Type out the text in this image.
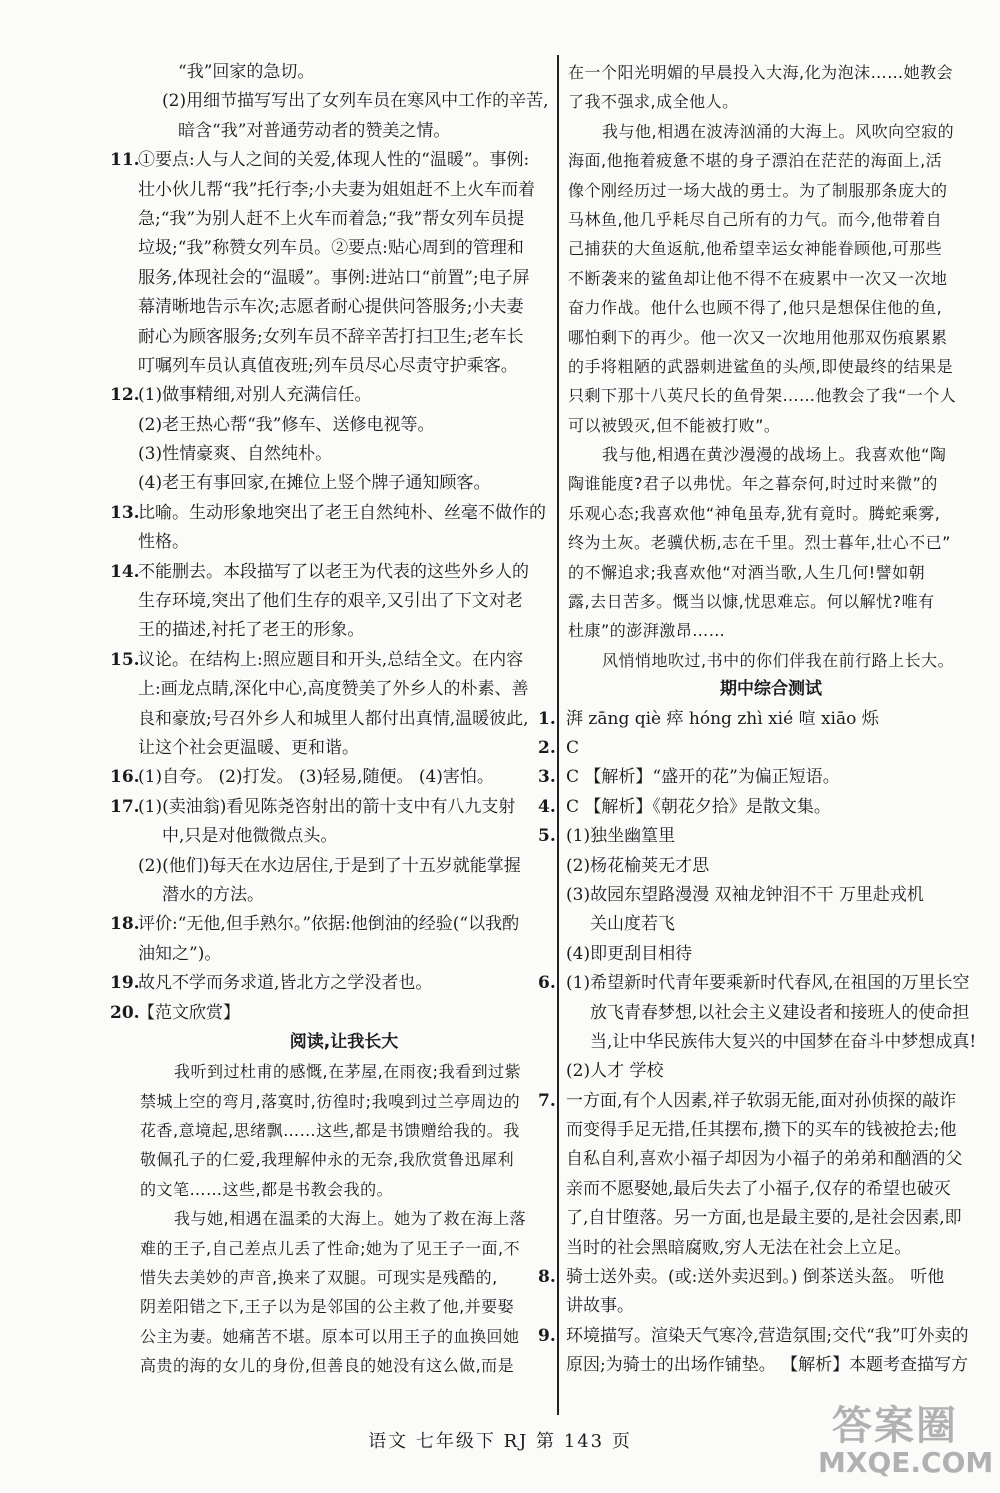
“我”回家的急切。
(2)用细节描写写出了女列车员在寒风中工作的辛苦,
暗含“我”对普通劳动者的赞美之情。
11.
①要点:人与人之间的关爱,体现人性的“温暖”。事例:
壮小伙儿帮“我”托行李;小夫妻为姐姐赶不上火车而着
急;“我”为别人赶不上火车而着急;“我”帮女列车员提
垃圾;“我”称赞女列车员。②要点:贴心周到的管理和
服务,体现社会的“温暖”。事例:进站口“前置”;电子屏
幕清晰地告示车次;志愿者耐心提供问答服务;小夫妻
耐心为顾客服务;女列车员不辞辛苦打扫卫生;老车长
叮嘱列车员认真值夜班;列车员尽心尽责守护乘客。
12.
(1)做事精细,对别人充满信任。
(2)老王热心帮“我”修车、送修电视等。
(3)性情豪爽、自然纯朴。
(4)老王有事回家,在摊位上竖个牌子通知顾客。
13.
比喻。生动形象地突出了老王自然纯朴、丝毫不做作的
性格。
14.
不能删去。本段描写了以老王为代表的这些外乡人的
生存环境,突出了他们生存的艰辛,又引出了下文对老
王的描述,衬托了老王的形象。
15.
议论。在结构上:照应题目和开头,总结全文。在内容
上:画龙点睛,深化中心,高度赞美了外乡人的朴素、善
良和豪放;号召外乡人和城里人都付出真情,温暖彼此,
让这个社会更温暖、更和谐。
16.
(1)自夸。 (2)打发。 (3)轻易,随便。 (4)害怕。
17.
(1)(卖油翁)看见陈尧咨射出的箭十支中有八九支射
中,只是对他微微点头。
(2)(他们)每天在水边居住,于是到了十五岁就能掌握
潜水的方法。
18.
评价:“无他,但手熟尔。”依据:他倒油的经验(“以我酌
油知之”)。
19.
故凡不学而务求道,皆北方之学没者也。
20.
【范文欣赏】
阅读,让我长大
我听到过杜甫的感慨,在茅屋,在雨夜;我看到过紫
禁城上空的弯月,落寞时,彷徨时;我嗅到过兰亭周边的
花香,意境起,思绪飘……这些,都是书馈赠给我的。我
敬佩孔子的仁爱,我理解仲永的无奈,我欣赏鲁迅犀利
的文笔……这些,都是书教会我的。
我与她,相遇在温柔的大海上。她为了救在海上落
难的王子,自己差点儿丢了性命;她为了见王子一面,不
惜失去美妙的声音,换来了双腿。可现实是残酷的,
阴差阳错之下,王子以为是邻国的公主救了他,并要娶
公主为妻。她痛苦不堪。原本可以用王子的血换回她
高贵的海的女儿的身份,但善良的她没有这么做,而是
在一个阳光明媚的早晨投入大海,化为泡沫……她教会
了我不强求,成全他人。
我与他,相遇在波涛汹涌的大海上。风吹向空寂的
海面,他拖着疲惫不堪的身子漂泊在茫茫的海面上,活
像个刚经历过一场大战的勇士。为了制服那条庞大的
马林鱼,他几乎耗尽自己所有的力气。而今,他带着自
己捕获的大鱼返航,他希望幸运女神能眷顾他,可那些
不断袭来的鲨鱼却让他不得不在疲累中一次又一次地
奋力作战。他什么也顾不得了,他只是想保住他的鱼,
哪怕剩下的再少。他一次又一次地用他那双伤痕累累
的手将粗陋的武器刺进鲨鱼的头颅,即使最终的结果是
只剩下那十八英尺长的鱼骨架……他教会了我“一个人
可以被毁灭,但不能被打败”。
我与他,相遇在黄沙漫漫的战场上。我喜欢他“陶
陶谁能度?君子以弗忧。年之暮奈何,时过时来微”的
乐观心态;我喜欢他“神龟虽寿,犹有竟时。腾蛇乘雾,
终为土灰。老骥伏枥,志在千里。烈士暮年,壮心不已”
的不懈追求;我喜欢他“对酒当歌,人生几何!譬如朝
露,去日苦多。慨当以慷,忧思难忘。何以解忧?唯有
杜康”的澎湃激昂……
风悄悄地吹过,书中的你们伴我在前行路上长大。
期中综合测试
1. 湃 zāng qiè 瘁 hóng zhì xié 喧 xiāo 烁
2. C
3. C 【解析】“盛开的花”为偏正短语。
4. C 【解析】《朝花夕拾》是散文集。
5. (1)独坐幽篁里
(2)杨花榆荚无才思
(3)故园东望路漫漫 双袖龙钟泪不干 万里赴戎机
关山度若飞
(4)即更刮目相待
6. (1)希望新时代青年要乘新时代春风,在祖国的万里长空
放飞青春梦想,以社会主义建设者和接班人的使命担
当,让中华民族伟大复兴的中国梦在奋斗中梦想成真!
(2)人才 学校
7. 一方面,有个人因素,祥子软弱无能,面对孙侦探的敲诈
而变得手足无措,任其摆布,攒下的买车的钱被抢去;他
自私自利,喜欢小福子却因为小福子的弟弟和酗酒的父
亲而不愿娶她,最后失去了小福子,仅存的希望也破灭
了,自甘堕落。另一方面,也是最主要的,是社会因素,即
当时的社会黑暗腐败,穷人无法在社会上立足。
8. 骑士送外卖。(或:送外卖迟到。) 倒茶送头盔。 听他
讲故事。
9. 环境描写。渲染天气寒冷,营造氛围;交代“我”叮外卖的
原因;为骑士的出场作铺垫。 【解析】本题考查描写方
语文 七年级下 RJ 第 143 页	答案圈
MXQE.COM
